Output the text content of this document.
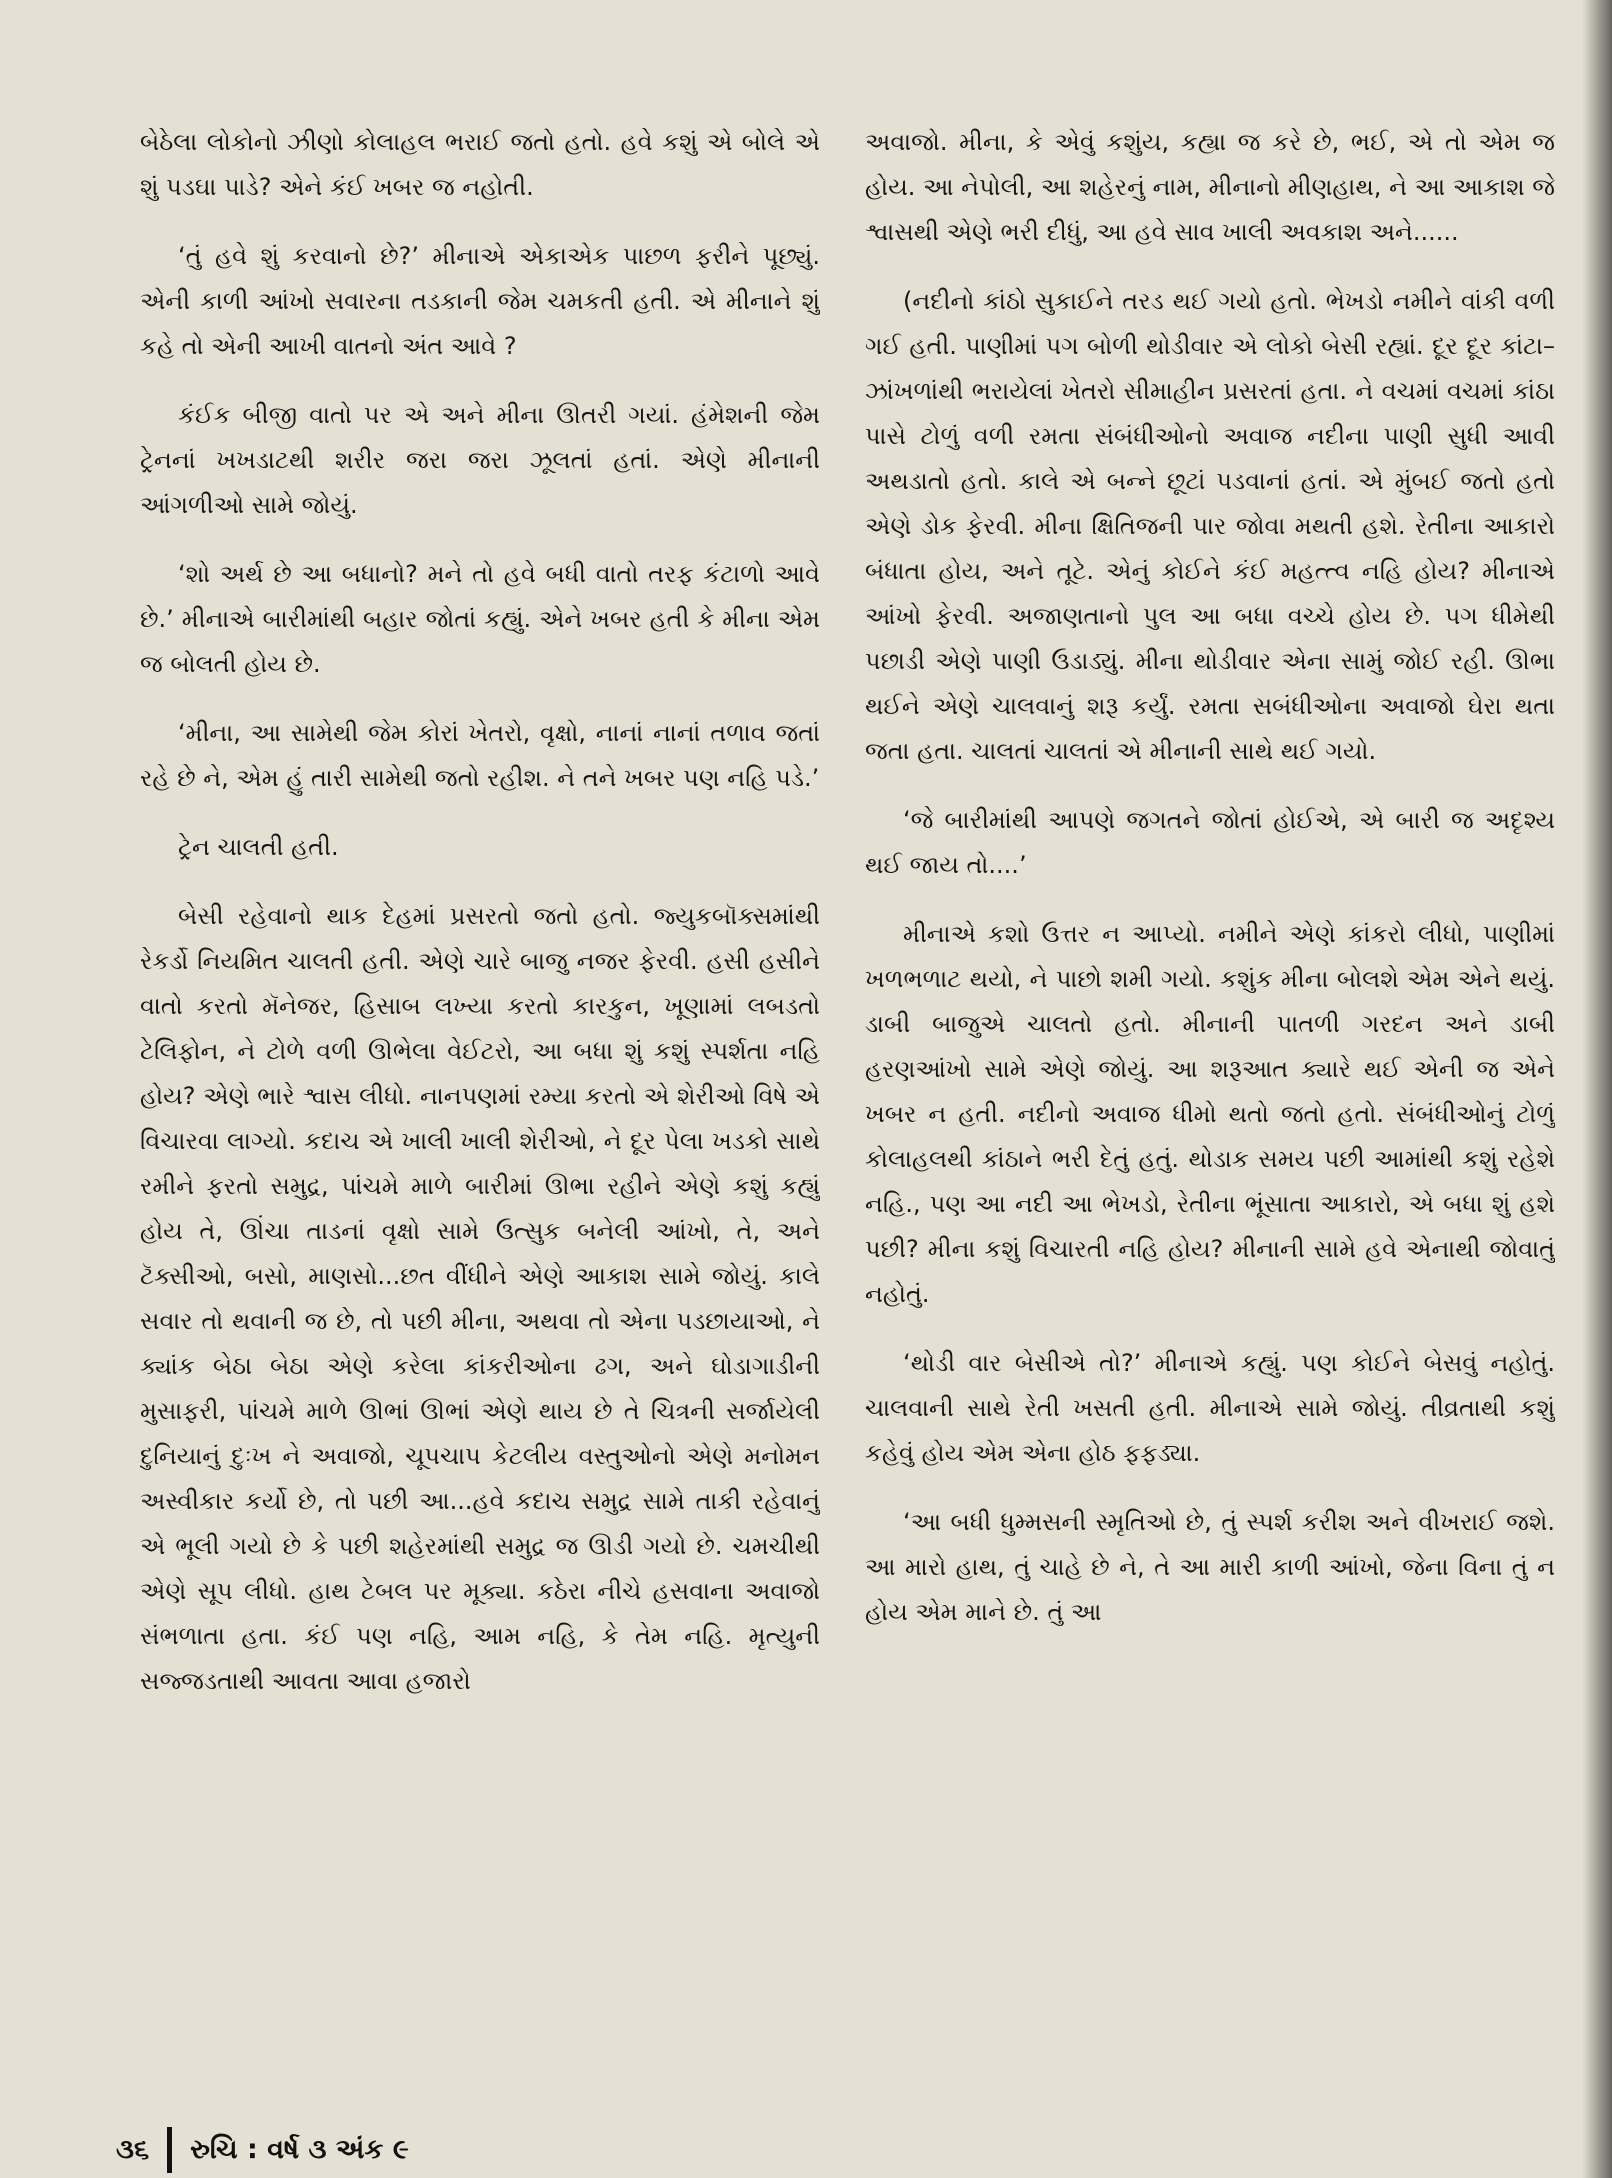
બેઠેલા લોકોનો ઝીણો કોલાહલ ભરાઈ જતો હતો. હવે કશું એ બોલે એ શું પડઘા પાડે? એને કંઈ ખબર જ નહોતી.

‘તું હવે શું કરવાનો છે?’ મીનાએ એકાએક પાછળ ફરીને પૂછ્યું. એની કાળી આંખો સવારના તડકાની જેમ ચમકતી હતી. એ મીનાને શું કહે તો એની આખી વાતનો અંત આવે ?

કંઈક બીજી વાતો પર એ અને મીના ઊતરી ગયાં. હંમેશની જેમ ટ્રેનનાં ખખડાટથી શરીર જરા જરા ઝૂલતાં હતાં. એણે મીનાની આંગળીઓ સામે જોયું.

‘શો અર્થ છે આ બધાનો? મને તો હવે બધી વાતો તરફ કંટાળો આવે છે.’ મીનાએ બારીમાંથી બહાર જોતાં કહ્યું. એને ખબર હતી કે મીના એમ જ બોલતી હોય છે.

‘મીના, આ સામેથી જેમ કોરાં ખેતરો, વૃક્ષો, નાનાં નાનાં તળાવ જતાં રહે છે ને, એમ હું તારી સામેથી જતો રહીશ. ને તને ખબર પણ નહિ પડે.’

ટ્રેન ચાલતી હતી.

બેસી રહેવાનો થાક દેહમાં પ્રસરતો જતો હતો. જ્યુકબૉક્સમાંથી રેકર્ડો નિયમિત ચાલતી હતી. એણે ચારે બાજુ નજર ફેરવી. હસી હસીને વાતો કરતો મૅનેજર, હિસાબ લખ્યા કરતો કારકુન, ખૂણામાં લબડતો ટેલિફોન, ને ટોળે વળી ઊભેલા વેઈટરો, આ બધા શું કશું સ્પર્શતા નહિ હોય? એણે ભારે શ્વાસ લીધો. નાનપણમાં રમ્યા કરતો એ શેરીઓ વિષે એ વિચારવા લાગ્યો. કદાચ એ ખાલી ખાલી શેરીઓ, ને દૂર પેલા ખડકો સાથે રમીને ફરતો સમુદ્ર, પાંચમે માળે બારીમાં ઊભા રહીને એણે કશું કહ્યું હોય તે, ઊંચા તાડનાં વૃક્ષો સામે ઉત્સુક બનેલી આંખો, તે, અને ટૅક્સીઓ, બસો, માણસો...છત વીંધીને એણે આકાશ સામે જોયું. કાલે સવાર તો થવાની જ છે, તો પછી મીના, અથવા તો એના પડછાયાઓ, ને ક્યાંક બેઠા બેઠા એણે કરેલા કાંકરીઓના ઢગ, અને ઘોડાગાડીની મુસાફરી, પાંચમે માળે ઊભાં ઊભાં એણે થાય છે તે ચિત્રની સર્જાયેલી દુનિયાનું દુઃખ ને અવાજો, ચૂપચાપ કેટલીય વસ્તુઓનો એણે મનોમન અસ્વીકાર કર્યો છે, તો પછી આ...હવે કદાચ સમુદ્ર સામે તાકી રહેવાનું એ ભૂલી ગયો છે કે પછી શહેરમાંથી સમુદ્ર જ ઊડી ગયો છે. ચમચીથી એણે સૂપ લીધો. હાથ ટેબલ પર મૂક્યા. કઠેરા નીચે હસવાના અવાજો સંભળાતા હતા. કંઈ પણ નહિ, આમ નહિ, કે તેમ નહિ. મૃત્યુની સજ્જડતાથી આવતા આવા હજારો

અવાજો. મીના, કે એવું કશુંય, કહ્યા જ કરે છે, ભઈ, એ તો એમ જ હોય. આ નેપોલી, આ શહેરનું નામ, મીનાનો મીણહાથ, ને આ આકાશ જે શ્વાસથી એણે ભરી દીધું, આ હવે સાવ ખાલી અવકાશ અને......

(નદીનો કાંઠો સુકાઈને તરડ થઈ ગયો હતો. ભેખડો નમીને વાંકી વળી ગઈ હતી. પાણીમાં પગ બોળી થોડીવાર એ લોકો બેસી રહ્યાં. દૂર દૂર કાંટા–ઝાંખળાંથી ભરાયેલાં ખેતરો સીમાહીન પ્રસરતાં હતા. ને વચમાં વચમાં કાંઠા પાસે ટોળું વળી રમતા સંબંધીઓનો અવાજ નદીના પાણી સુધી આવી અથડાતો હતો. કાલે એ બન્ને છૂટાં પડવાનાં હતાં. એ મુંબઈ જતો હતો એણે ડોક ફેરવી. મીના ક્ષિતિજની પાર જોવા મથતી હશે. રેતીના આકારો બંધાતા હોય, અને તૂટે. એનું કોઈને કંઈ મહત્ત્વ નહિ હોય? મીનાએ આંખો ફેરવી. અજાણતાનો પુલ આ બધા વચ્ચે હોય છે. પગ ધીમેથી પછાડી એણે પાણી ઉડાડ્યું. મીના થોડીવાર એના સામું જોઈ રહી. ઊભા થઈને એણે ચાલવાનું શરૂ કર્યું. રમતા સબંધીઓના અવાજો ઘેરા થતા જતા હતા. ચાલતાં ચાલતાં એ મીનાની સાથે થઈ ગયો.

‘જે બારીમાંથી આપણે જગતને જોતાં હોઈએ, એ બારી જ અદૃશ્ય થઈ જાય તો....’

મીનાએ કશો ઉત્તર ન આપ્યો. નમીને એણે કાંકરો લીધો, પાણીમાં ખળભળાટ થયો, ને પાછો શમી ગયો. કશુંક મીના બોલશે એમ એને થયું. ડાબી બાજુએ ચાલતો હતો. મીનાની પાતળી ગરદન અને ડાબી હરણઆંખો સામે એણે જોયું. આ શરૂઆત ક્યારે થઈ એની જ એને ખબર ન હતી. નદીનો અવાજ ધીમો થતો જતો હતો. સંબંધીઓનું ટોળું કોલાહલથી કાંઠાને ભરી દેતું હતું. થોડાક સમય પછી આમાંથી કશું રહેશે નહિ., પણ આ નદી આ ભેખડો, રેતીના ભૂંસાતા આકારો, એ બધા શું હશે પછી? મીના કશું વિચારતી નહિ હોય? મીનાની સામે હવે એનાથી જોવાતું નહોતું.

‘થોડી વાર બેસીએ તો?’ મીનાએ કહ્યું. પણ કોઈને બેસવું નહોતું. ચાલવાની સાથે રેતી ખસતી હતી. મીનાએ સામે જોયું. તીવ્રતાથી કશું કહેવું હોય એમ એના હોઠ ફફડ્યા.

‘આ બધી ધુમ્મસની સ્મૃતિઓ છે, તું સ્પર્શ કરીશ અને વીખરાઈ જશે. આ મારો હાથ, તું ચાહે છે ને, તે આ મારી કાળી આંખો, જેના વિના તું ન હોય એમ માને છે. તું આ

૩૬ રુચિ : વર્ષ ૩ અંક ૯
